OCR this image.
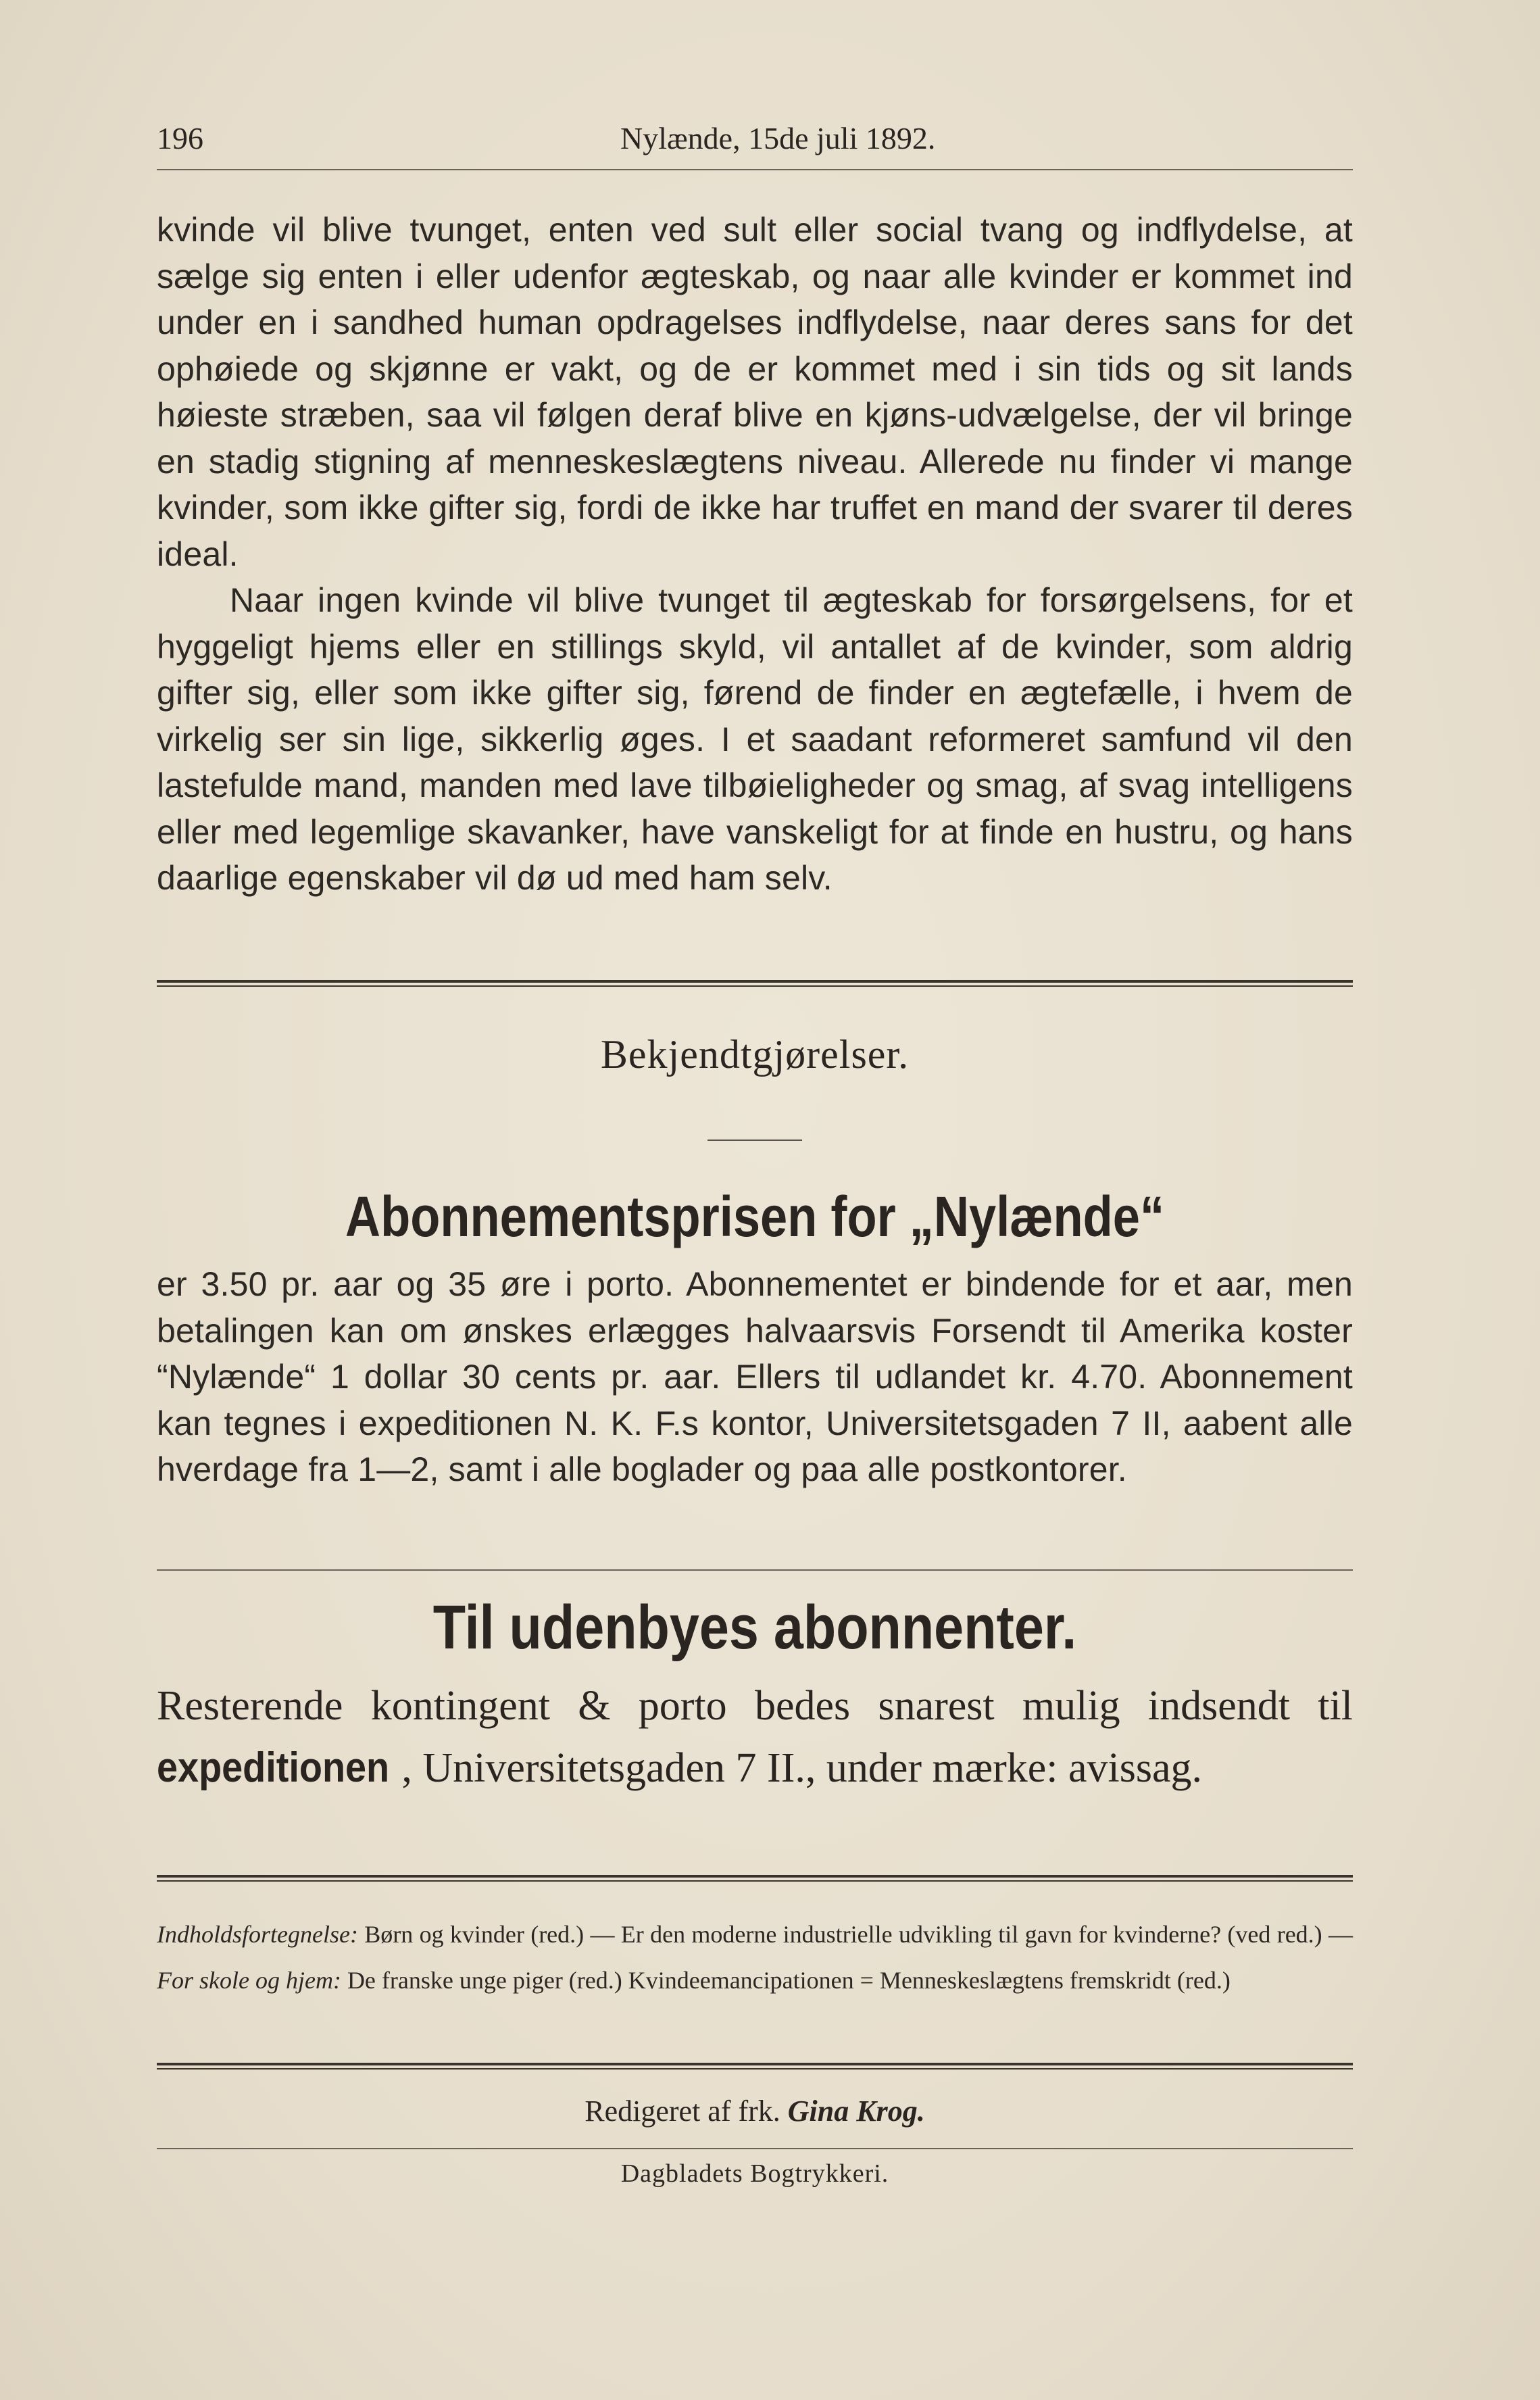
196	Nylænde, 15de juli 1892.

kvinde vil blive tvunget, enten ved sult eller social tvang og indflydelse, at sælge sig enten i eller udenfor ægteskab, og naar alle kvinder er kommet ind under en i sandhed human opdragelses indflydelse, naar deres sans for det ophøiede og skjønne er vakt, og de er kommet med i sin tids og sit lands høieste stræben, saa vil følgen deraf blive en kjøns-udvælgelse, der vil bringe en stadig stigning af menneskeslægtens niveau. Allerede nu finder vi mange kvinder, som ikke gifter sig, fordi de ikke har truffet en mand der svarer til deres ideal.

Naar ingen kvinde vil blive tvunget til ægteskab for forsørgelsens, for et hyggeligt hjems eller en stillings skyld, vil antallet af de kvinder, som aldrig gifter sig, eller som ikke gifter sig, førend de finder en ægtefælle, i hvem de virkelig ser sin lige, sikkerlig øges. I et saadant reformeret samfund vil den lastefulde mand, manden med lave tilbøieligheder og smag, af svag intelligens eller med legemlige skavanker, have vanskeligt for at finde en hustru, og hans daarlige egenskaber vil dø ud med ham selv.

Bekjendtgjørelser.
Abonnementsprisen for „Nylænde“

er 3.50 pr. aar og 35 øre i porto. Abonnementet er bindende for et aar, men betalingen kan om ønskes erlægges halvaarsvis Forsendt til Amerika koster “Nylænde“ 1 dollar 30 cents pr. aar. Ellers til udlandet kr. 4.70. Abonnement kan tegnes i expeditionen N. K. F.s kontor, Universitetsgaden 7 II, aabent alle hverdage fra 1—2, samt i alle boglader og paa alle postkontorer.

Til udenbyes abonnenter.
Resterende kontingent & porto bedes snarest mulig indsendt til expeditionen , Universitetsgaden 7 II., under mærke: avissag.

Indholdsfortegnelse: Børn og kvinder (red.) — Er den moderne industrielle udvikling til gavn for kvinderne? (ved red.) — For skole og hjem: De franske unge piger (red.) Kvindeemancipationen = Menneskeslægtens fremskridt (red.)

Redigeret af frk. Gina Krog.
Dagbladets Bogtrykkeri.
